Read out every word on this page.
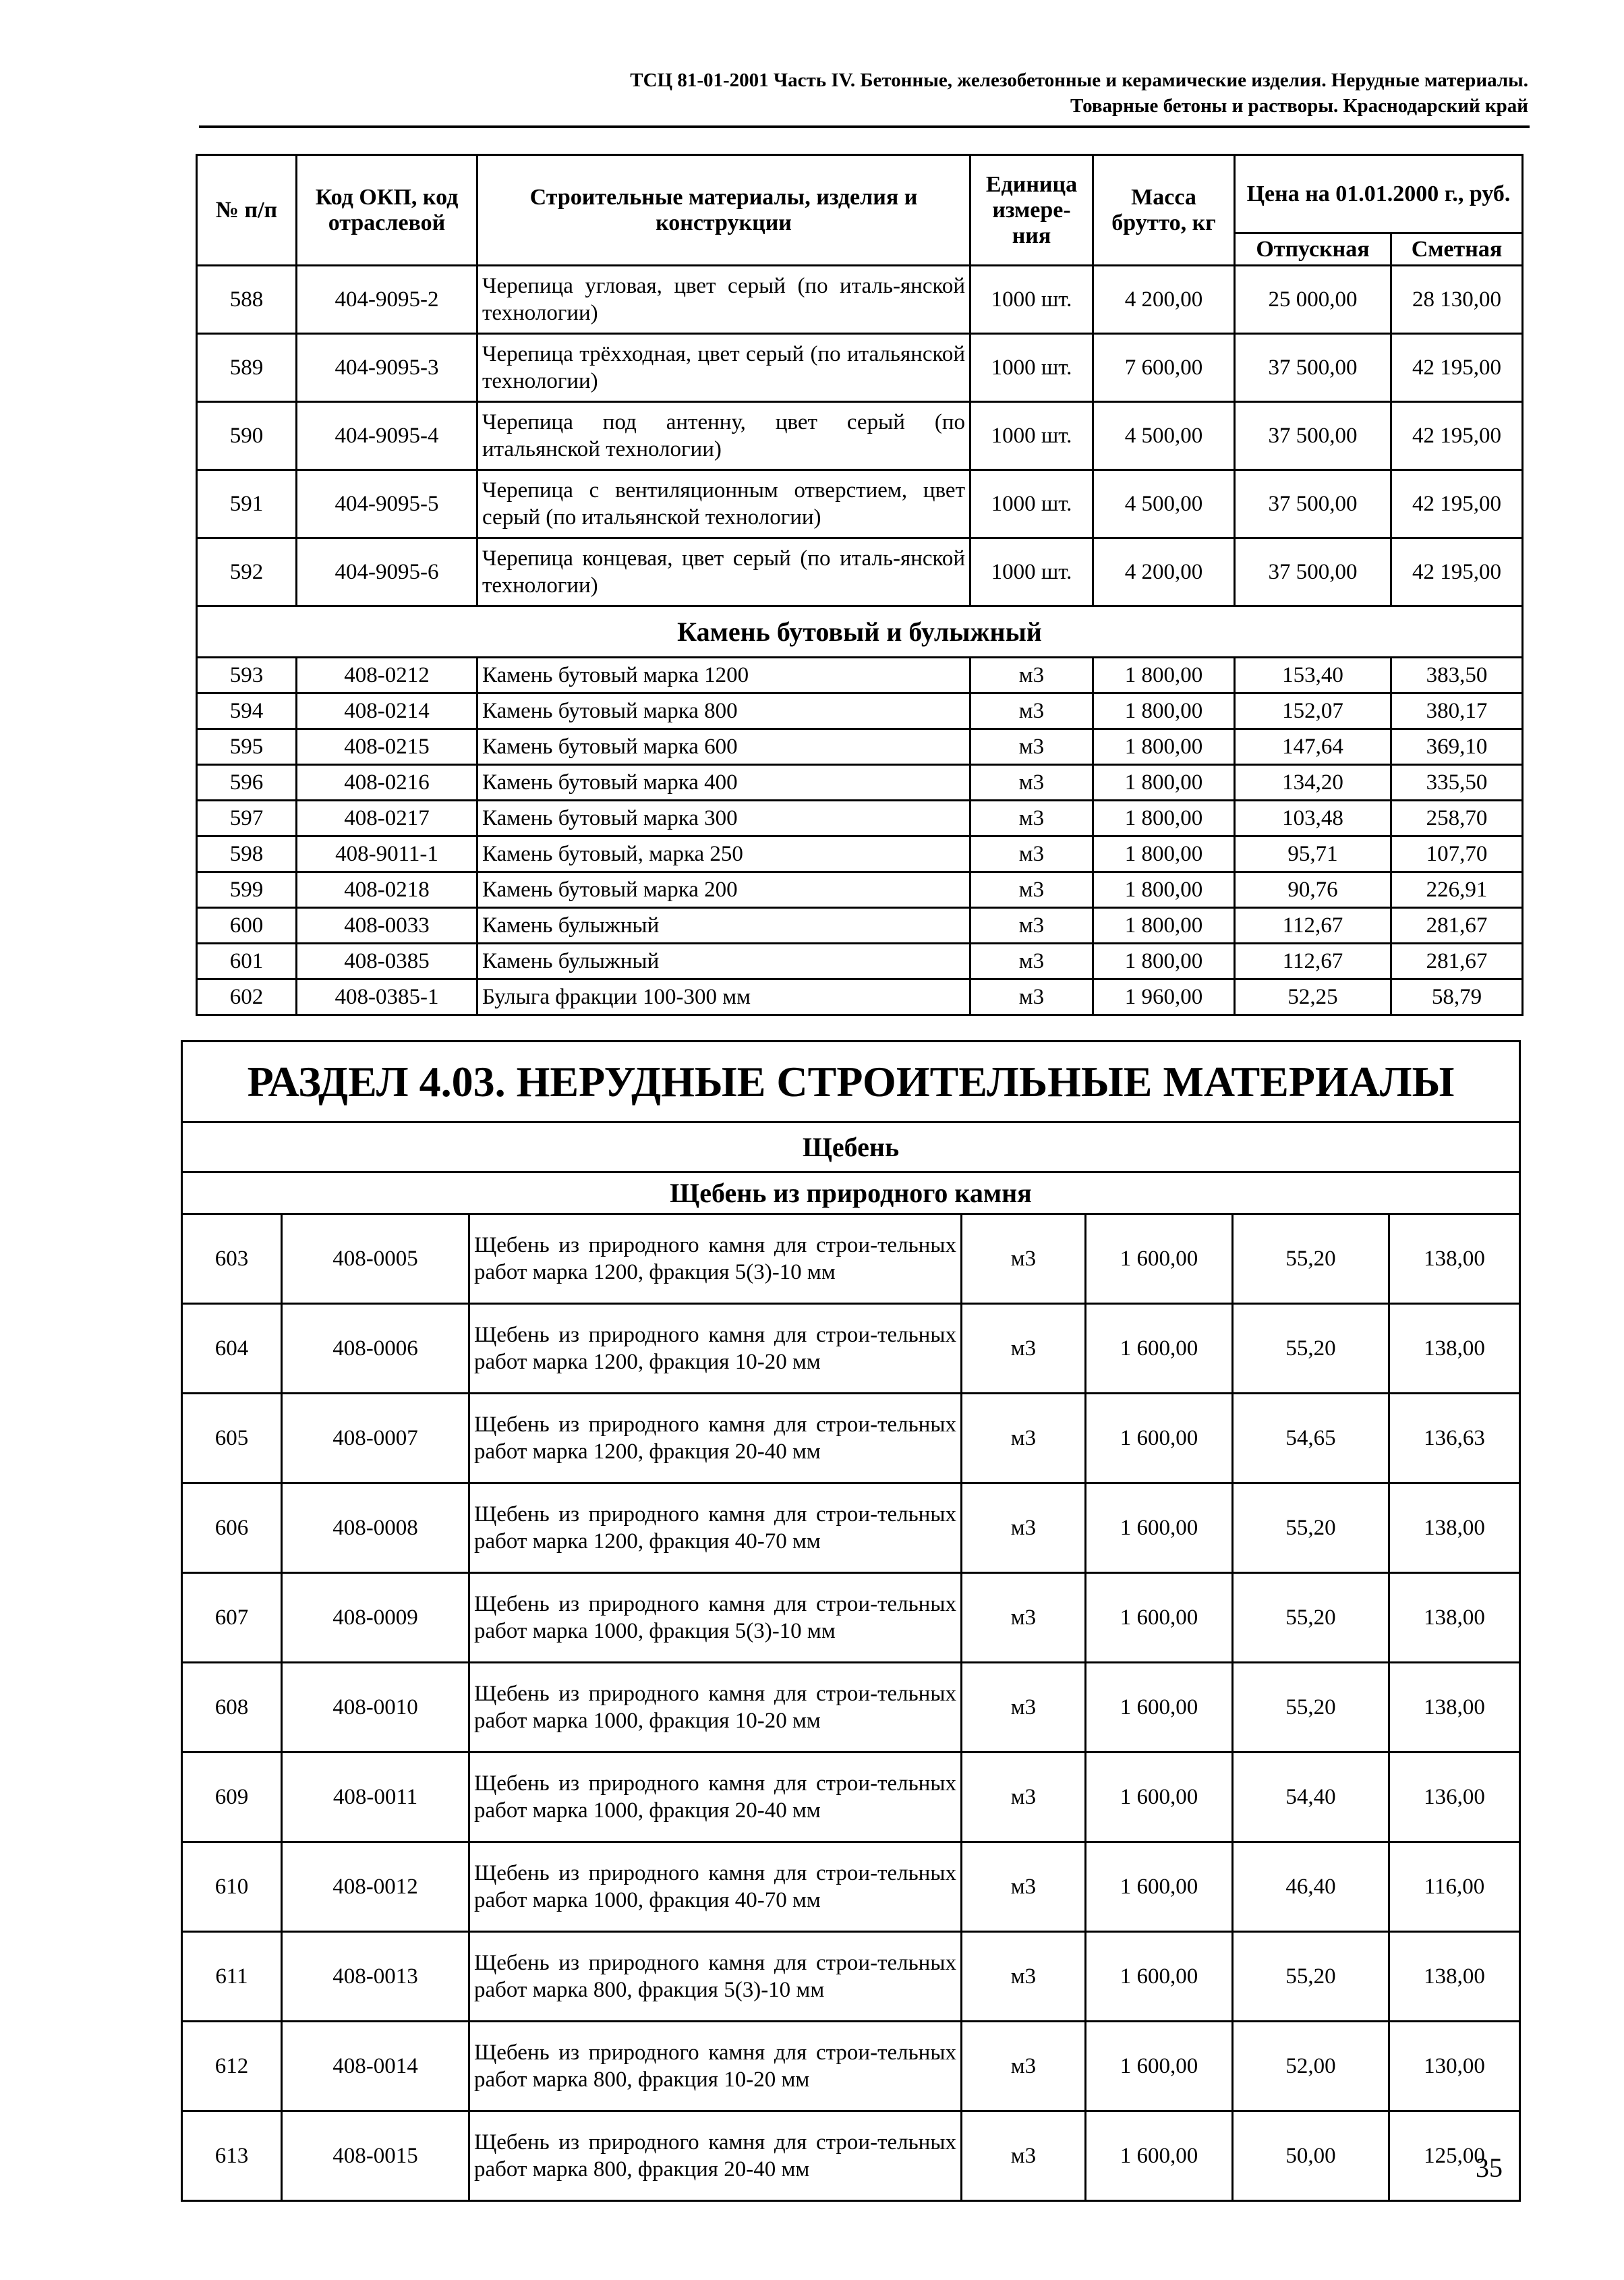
ТСЦ 81-01-2001 Часть IV. Бетонные, железобетонные и керамические изделия. Нерудные материалы.
Товарные бетоны и растворы. Краснодарский край
№ п/п	Код ОКП, код отраслевой	Строительные материалы, изделия и конструкции	Единица измере-ния	Масса брутто, кг	Цена на 01.01.2000 г., руб.	
					Отпускная	Сметная
588	404-9095-2	Черепица угловая, цвет серый (по италь-янской технологии)	1000 шт.	4 200,00	25 000,00	28 130,00
589	404-9095-3	Черепица трёхходная, цвет серый (по итальянской технологии)	1000 шт.	7 600,00	37 500,00	42 195,00
590	404-9095-4	Черепица под антенну, цвет серый (по итальянской технологии)	1000 шт.	4 500,00	37 500,00	42 195,00
591	404-9095-5	Черепица с вентиляционным отверстием, цвет серый (по итальянской технологии)	1000 шт.	4 500,00	37 500,00	42 195,00
592	404-9095-6	Черепица концевая, цвет серый (по италь-янской технологии)	1000 шт.	4 200,00	37 500,00	42 195,00
Камень бутовый и булыжный						
593	408-0212	Камень бутовый марка 1200	м3	1 800,00	153,40	383,50
594	408-0214	Камень бутовый марка 800	м3	1 800,00	152,07	380,17
595	408-0215	Камень бутовый марка 600	м3	1 800,00	147,64	369,10
596	408-0216	Камень бутовый марка 400	м3	1 800,00	134,20	335,50
597	408-0217	Камень бутовый марка 300	м3	1 800,00	103,48	258,70
598	408-9011-1	Камень бутовый, марка 250	м3	1 800,00	95,71	107,70
599	408-0218	Камень бутовый марка 200	м3	1 800,00	90,76	226,91
600	408-0033	Камень булыжный	м3	1 800,00	112,67	281,67
601	408-0385	Камень булыжный	м3	1 800,00	112,67	281,67
602	408-0385-1	Булыга фракции 100-300 мм	м3	1 960,00	52,25	58,79
РАЗДЕЛ 4.03. НЕРУДНЫЕ СТРОИТЕЛЬНЫЕ МАТЕРИАЛЫ						
Щебень						
Щебень из природного камня						
603	408-0005	Щебень из природного камня для строи-тельных работ марка 1200, фракция 5(3)-10 мм	м3	1 600,00	55,20	138,00
604	408-0006	Щебень из природного камня для строи-тельных работ марка 1200, фракция 10-20 мм	м3	1 600,00	55,20	138,00
605	408-0007	Щебень из природного камня для строи-тельных работ марка 1200, фракция 20-40 мм	м3	1 600,00	54,65	136,63
606	408-0008	Щебень из природного камня для строи-тельных работ марка 1200, фракция 40-70 мм	м3	1 600,00	55,20	138,00
607	408-0009	Щебень из природного камня для строи-тельных работ марка 1000, фракция 5(3)-10 мм	м3	1 600,00	55,20	138,00
608	408-0010	Щебень из природного камня для строи-тельных работ марка 1000, фракция 10-20 мм	м3	1 600,00	55,20	138,00
609	408-0011	Щебень из природного камня для строи-тельных работ марка 1000, фракция 20-40 мм	м3	1 600,00	54,40	136,00
610	408-0012	Щебень из природного камня для строи-тельных работ марка 1000, фракция 40-70 мм	м3	1 600,00	46,40	116,00
611	408-0013	Щебень из природного камня для строи-тельных работ марка 800, фракция 5(3)-10 мм	м3	1 600,00	55,20	138,00
612	408-0014	Щебень из природного камня для строи-тельных работ марка 800, фракция 10-20 мм	м3	1 600,00	52,00	130,00
613	408-0015	Щебень из природного камня для строи-тельных работ марка 800, фракция 20-40 мм	м3	1 600,00	50,00	125,00
35
